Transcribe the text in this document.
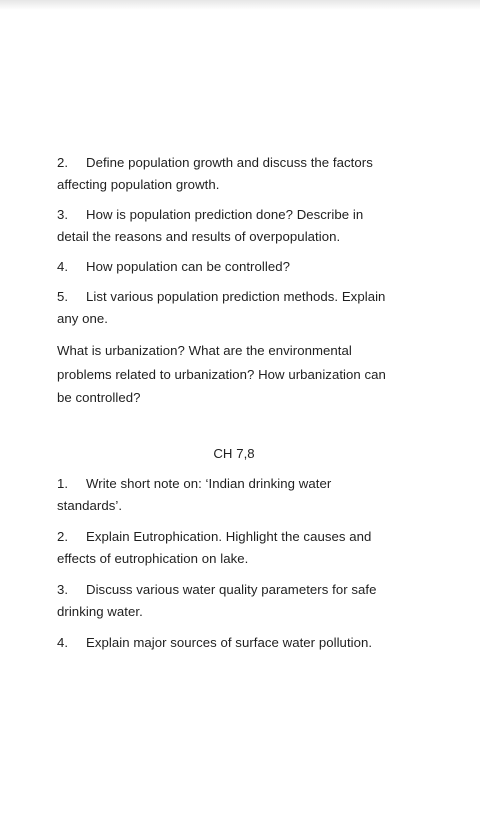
2. Define population growth and discuss the factors
affecting population growth.
3. How is population prediction done? Describe in
detail the reasons and results of overpopulation.
4. How population can be controlled?
5. List various population prediction methods. Explain
any one.
What is urbanization? What are the environmental
problems related to urbanization? How urbanization can
be controlled?
CH 7,8
1. Write short note on: ‘Indian drinking water
standards’.
2. Explain Eutrophication. Highlight the causes and
effects of eutrophication on lake.
3. Discuss various water quality parameters for safe
drinking water.
4. Explain major sources of surface water pollution.
